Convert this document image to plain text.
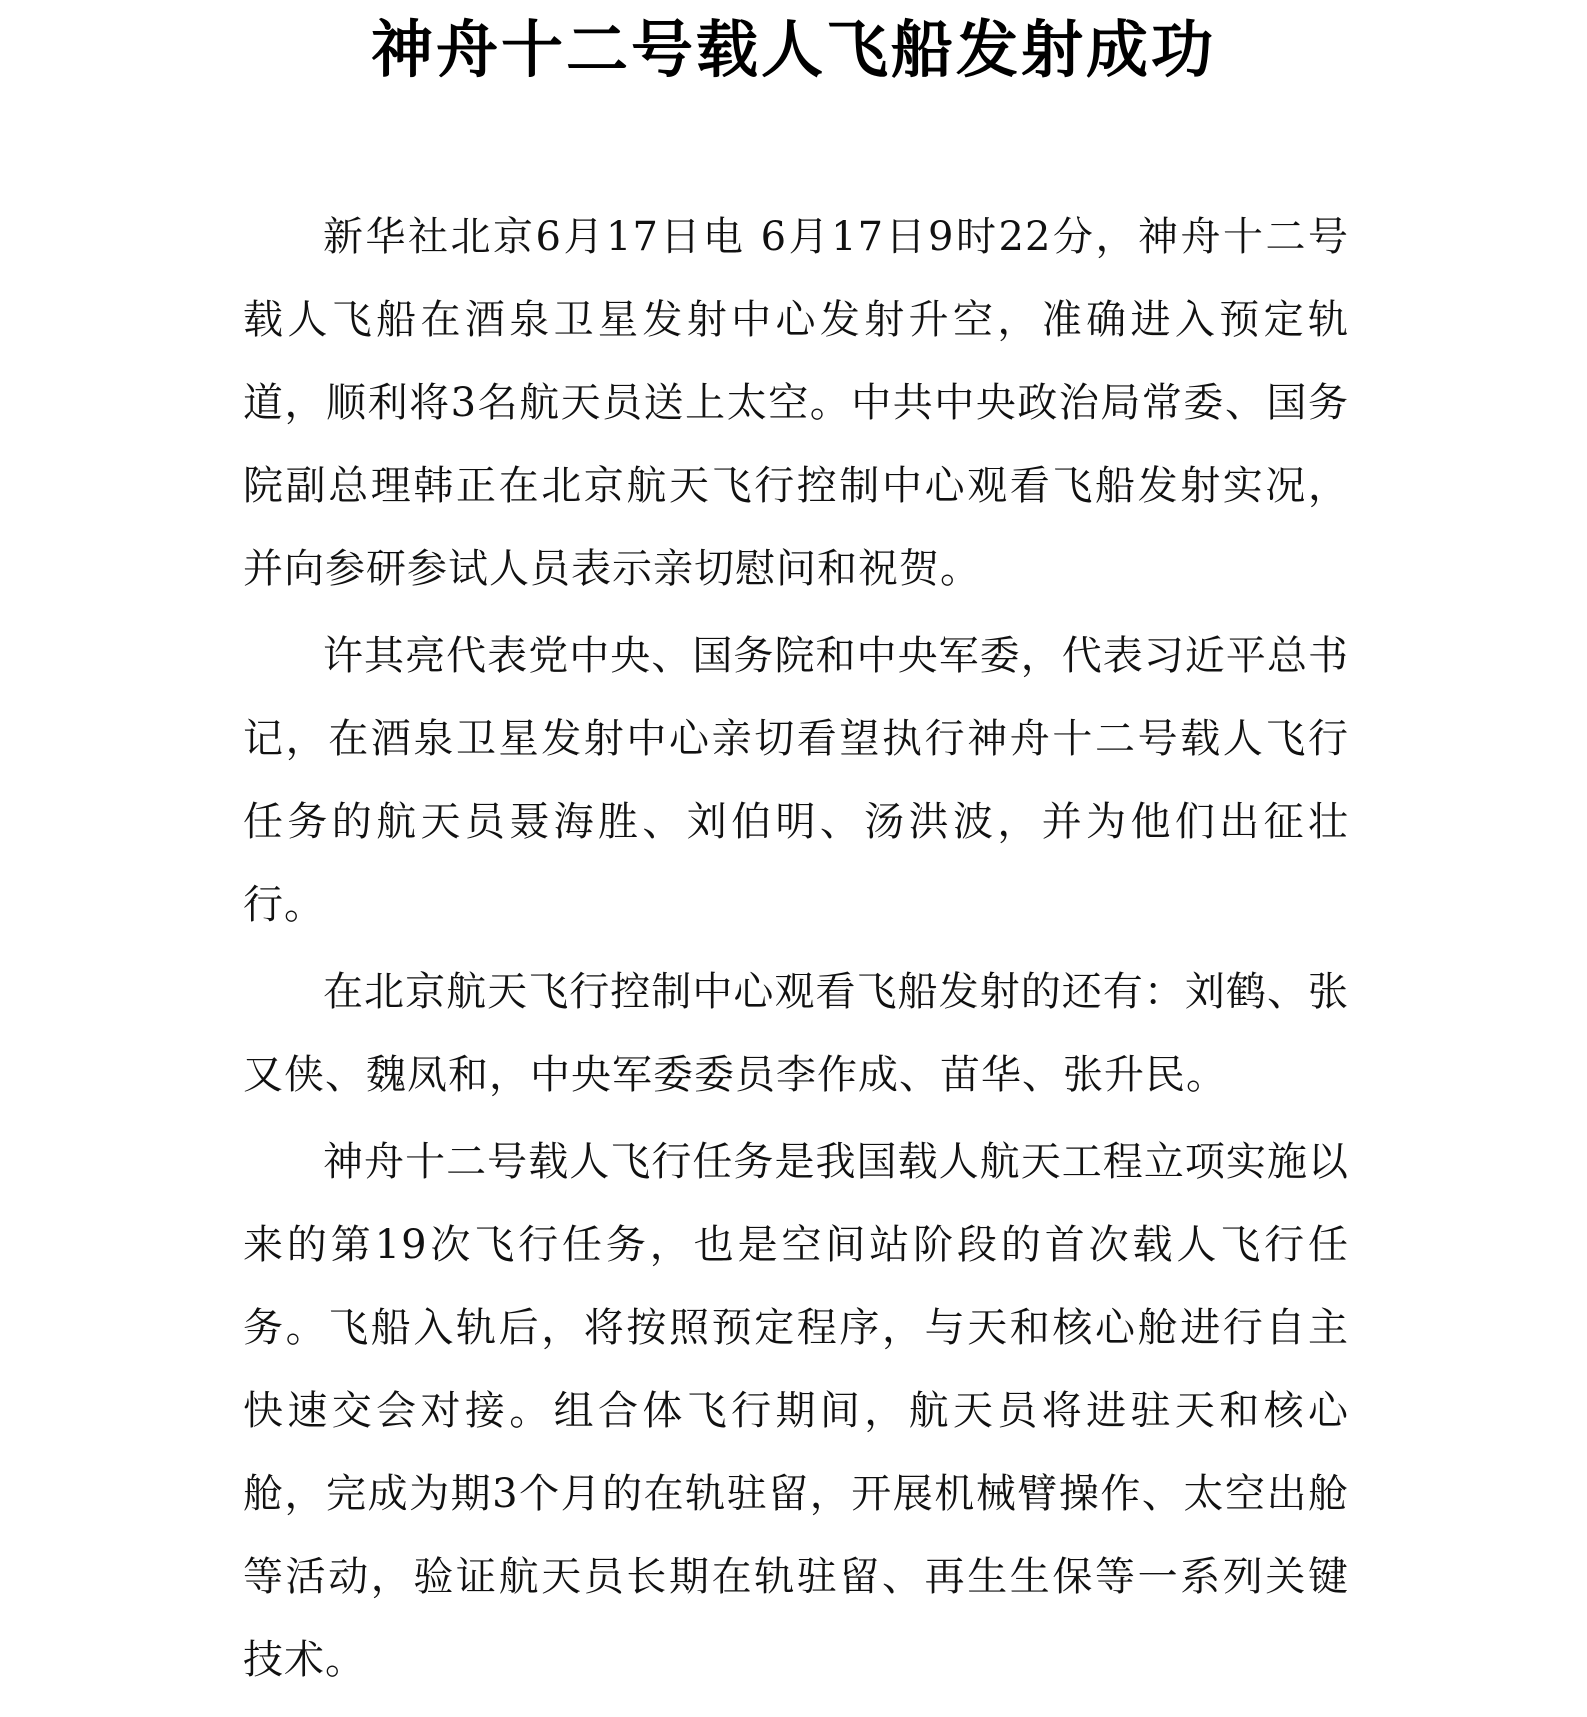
神舟十二号载人飞船发射成功

新华社北京6月17日电 6月17日9时22分，神舟十二号载人飞船在酒泉卫星发射中心发射升空，准确进入预定轨道，顺利将3名航天员送上太空。中共中央政治局常委、国务院副总理韩正在北京航天飞行控制中心观看飞船发射实况，并向参研参试人员表示亲切慰问和祝贺。

许其亮代表党中央、国务院和中央军委，代表习近平总书记，在酒泉卫星发射中心亲切看望执行神舟十二号载人飞行任务的航天员聂海胜、刘伯明、汤洪波，并为他们出征壮行。

在北京航天飞行控制中心观看飞船发射的还有：刘鹤、张又侠、魏凤和，中央军委委员李作成、苗华、张升民。

神舟十二号载人飞行任务是我国载人航天工程立项实施以来的第19次飞行任务，也是空间站阶段的首次载人飞行任务。飞船入轨后，将按照预定程序，与天和核心舱进行自主快速交会对接。组合体飞行期间，航天员将进驻天和核心舱，完成为期3个月的在轨驻留，开展机械臂操作、太空出舱等活动，验证航天员长期在轨驻留、再生生保等一系列关键技术。
